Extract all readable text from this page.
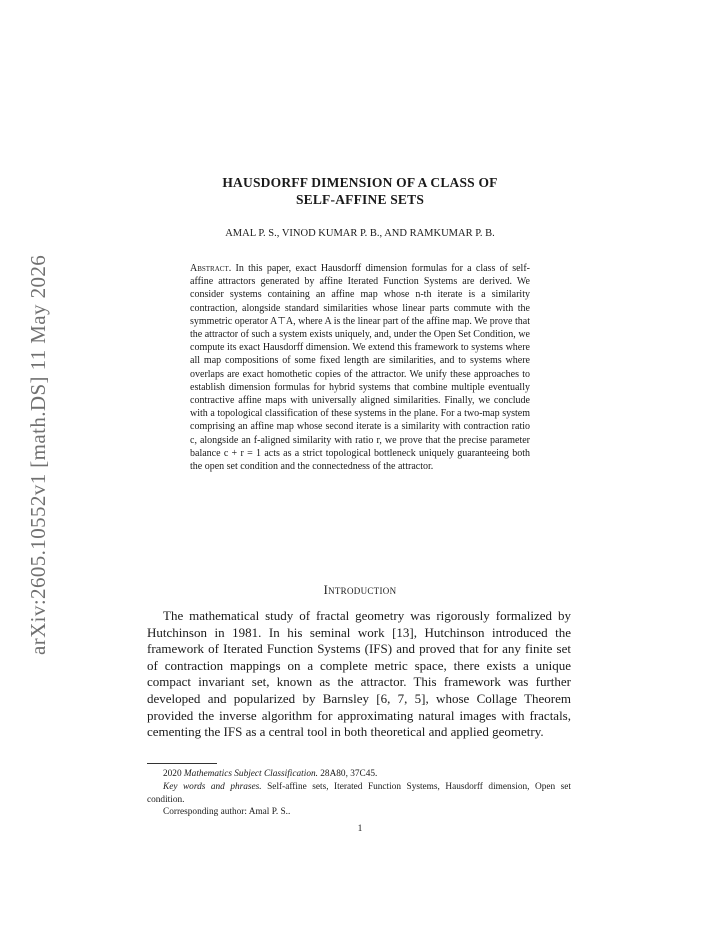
arXiv:2605.10552v1 [math.DS] 11 May 2026
HAUSDORFF DIMENSION OF A CLASS OF
SELF-AFFINE SETS
AMAL P. S., VINOD KUMAR P. B., AND RAMKUMAR P. B.
Abstract. In this paper, exact Hausdorff dimension formulas for a class of self-affine attractors generated by affine Iterated Function Systems are derived. We consider systems containing an affine map whose n-th iterate is a similarity contraction, alongside standard similarities whose linear parts commute with the symmetric operator A⊤A, where A is the linear part of the affine map. We prove that the attractor of such a system exists uniquely, and, under the Open Set Condition, we compute its exact Hausdorff dimension. We extend this framework to systems where all map compositions of some fixed length are similarities, and to systems where overlaps are exact homothetic copies of the attractor. We unify these approaches to establish dimension formulas for hybrid systems that combine multiple eventually contractive affine maps with universally aligned similarities. Finally, we conclude with a topological classification of these systems in the plane. For a two-map system comprising an affine map whose second iterate is a similarity with contraction ratio c, alongside an f-aligned similarity with ratio r, we prove that the precise parameter balance c + r = 1 acts as a strict topological bottleneck uniquely guaranteeing both the open set condition and the connectedness of the attractor.
Introduction
The mathematical study of fractal geometry was rigorously formalized by Hutchinson in 1981. In his seminal work [13], Hutchinson introduced the framework of Iterated Function Systems (IFS) and proved that for any finite set of contraction mappings on a complete metric space, there exists a unique compact invariant set, known as the attractor. This framework was further developed and popularized by Barnsley [6, 7, 5], whose Collage Theorem provided the inverse algorithm for approximating natural images with fractals, cementing the IFS as a central tool in both theoretical and applied geometry.

2020 Mathematics Subject Classification. 28A80, 37C45.

Key words and phrases. Self-affine sets, Iterated Function Systems, Hausdorff dimension, Open set condition.

Corresponding author: Amal P. S..

1
